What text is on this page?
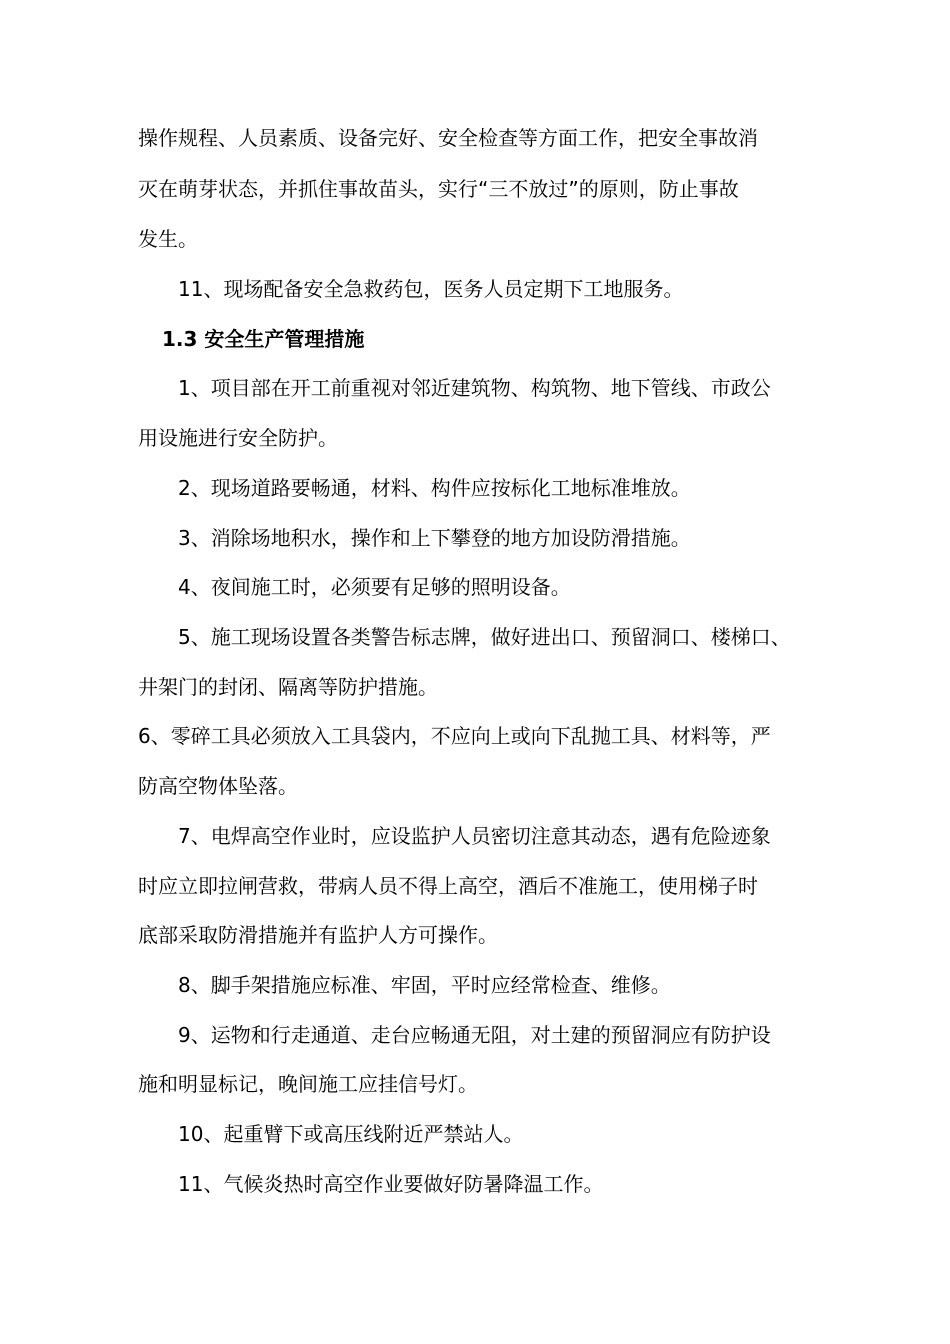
操作规程、人员素质、设备完好、安全检查等方面工作，把安全事故消
灭在萌芽状态，并抓住事故苗头，实行“三不放过”的原则，防止事故
发生。
11、现场配备安全急救药包，医务人员定期下工地服务。
1.3 安全生产管理措施
1、项目部在开工前重视对邻近建筑物、构筑物、地下管线、市政公
用设施进行安全防护。
2、现场道路要畅通，材料、构件应按标化工地标准堆放。
3、消除场地积水，操作和上下攀登的地方加设防滑措施。
4、夜间施工时，必须要有足够的照明设备。
5、施工现场设置各类警告标志牌，做好进出口、预留洞口、楼梯口、
井架门的封闭、隔离等防护措施。
6、零碎工具必须放入工具袋内，不应向上或向下乱抛工具、材料等，严
防高空物体坠落。
7、电焊高空作业时，应设监护人员密切注意其动态，遇有危险迹象
时应立即拉闸营救，带病人员不得上高空，酒后不准施工，使用梯子时
底部采取防滑措施并有监护人方可操作。
8、脚手架措施应标准、牢固，平时应经常检查、维修。
9、运物和行走通道、走台应畅通无阻，对土建的预留洞应有防护设
施和明显标记，晚间施工应挂信号灯。
10、起重臂下或高压线附近严禁站人。
11、气候炎热时高空作业要做好防暑降温工作。
